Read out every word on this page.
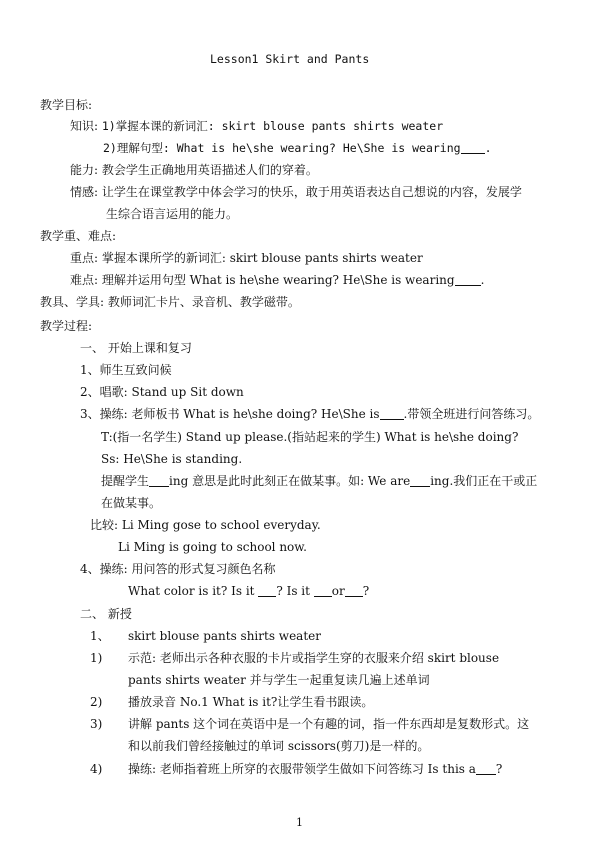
Lesson1 Skirt and Pants
教学目标:
知识: 1)掌握本课的新词汇: skirt blouse pants shirts weater
2)理解句型: What is he\she wearing? He\She is wearing .
能力: 教会学生正确地用英语描述人们的穿着。
情感: 让学生在课堂教学中体会学习的快乐，敢于用英语表达自己想说的内容，发展学
生综合语言运用的能力。
教学重、难点:
重点: 掌握本课所学的新词汇: skirt blouse pants shirts weater
难点: 理解并运用句型 What is he\she wearing? He\She is wearing .
教具、学具: 教师词汇卡片、录音机、教学磁带。
教学过程:
一、 开始上课和复习
1、师生互致问候
2、唱歌: Stand up Sit down
3、操练: 老师板书 What is he\she doing? He\She is .带领全班进行问答练习。
T:(指一名学生) Stand up please.(指站起来的学生) What is he\she doing?
Ss: He\She is standing.
提醒学生 ing 意思是此时此刻正在做某事。如: We are ing.我们正在干或正
在做某事。
比较: Li Ming gose to school everyday.
Li Ming is going to school now.
4、操练: 用问答的形式复习颜色名称
What color is it? Is it ? Is it or ?
二、 新授
1、 skirt blouse pants shirts weater
1) 示范: 老师出示各种衣服的卡片或指学生穿的衣服来介绍 skirt blouse
pants shirts weater 并与学生一起重复读几遍上述单词
2) 播放录音 No.1 What is it?让学生看书跟读。
3) 讲解 pants 这个词在英语中是一个有趣的词，指一件东西却是复数形式。这
和以前我们曾经接触过的单词 scissors(剪刀)是一样的。
4) 操练: 老师指着班上所穿的衣服带领学生做如下问答练习 Is this a ?
1
